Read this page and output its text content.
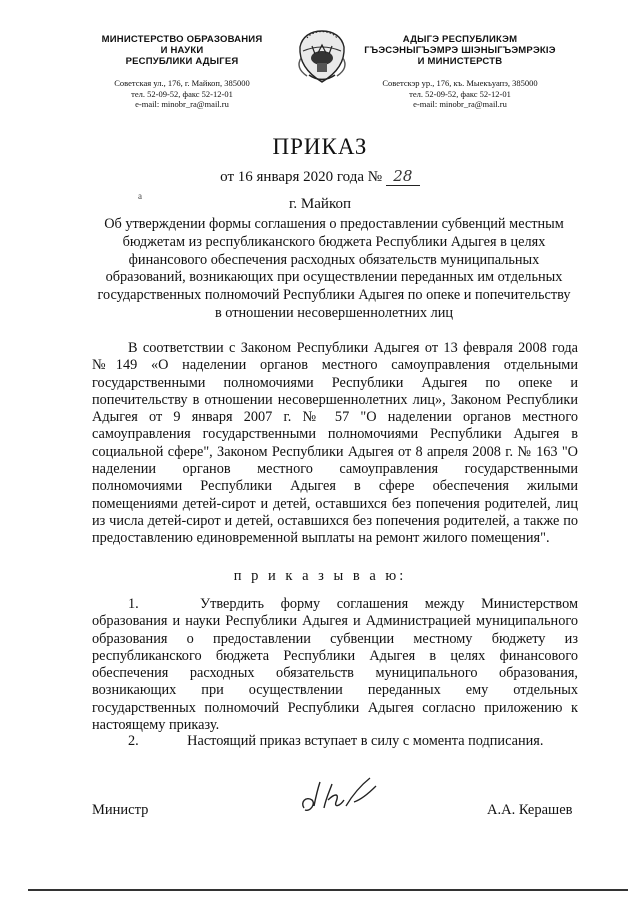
МИНИСТЕРСТВО ОБРАЗОВАНИЯ
И НАУКИ
РЕСПУБЛИКИ АДЫГЕЯ
Советская ул., 176, г. Майкоп, 385000
тел. 52-09-52, факс 52-12-01
e-mail: minobr_ra@mail.ru
АДЫГЭ РЕСПУБЛИКЭМ
ГЪЭСЭНЫГЪЭМРЭ ШIЭНЫГЪЭМРЭКIЭ
И МИНИСТЕРСТВ
Советскэр ур., 176, къ. Мыекъуапэ, 385000
тел. 52-09-52, факс 52-12-01
e-mail: minobr_ra@mail.ru
ПРИКАЗ
от 16 января 2020 года № 28
а	г. Майкоп
Об утверждении формы соглашения о предоставлении субвенций местным бюджетам из республиканского бюджета Республики Адыгея в целях финансового обеспечения расходных обязательств муниципальных образований, возникающих при осуществлении переданных им отдельных государственных полномочий Республики Адыгея по опеке и попечительству в отношении несовершеннолетних лиц
В соответствии с Законом Республики Адыгея от 13 февраля 2008 года №149 «О наделении органов местного самоуправления отдельными государственными полномочиями Республики Адыгея по опеке и попечительству в отношении несовершеннолетних лиц», Законом Республики Адыгея от 9 января 2007 г. № 57 "О наделении органов местного самоуправления государственными полномочиями Республики Адыгея в социальной сфере", Законом Республики Адыгея от 8 апреля 2008 г. № 163 "О наделении органов местного самоуправления государственными полномочиями Республики Адыгея в сфере обеспечения жилыми помещениями детей-сирот и детей, оставшихся без попечения родителей, лиц из числа детей-сирот и детей, оставшихся без попечения родителей, а также по предоставлению единовременной выплаты на ремонт жилого помещения".
п р и к а з ы в а ю:
1.	Утвердить форму соглашения между Министерством образования и науки Республики Адыгея и Администрацией муниципального образования о предоставлении субвенции местному бюджету из республиканского бюджета Республики Адыгея в целях финансового обеспечения расходных обязательств муниципального образования, возникающих при осуществлении переданных ему отдельных государственных полномочий Республики Адыгея согласно приложению к настоящему приказу.
2.	Настоящий приказ вступает в силу с момента подписания.
Министр	А.А. Керашев
